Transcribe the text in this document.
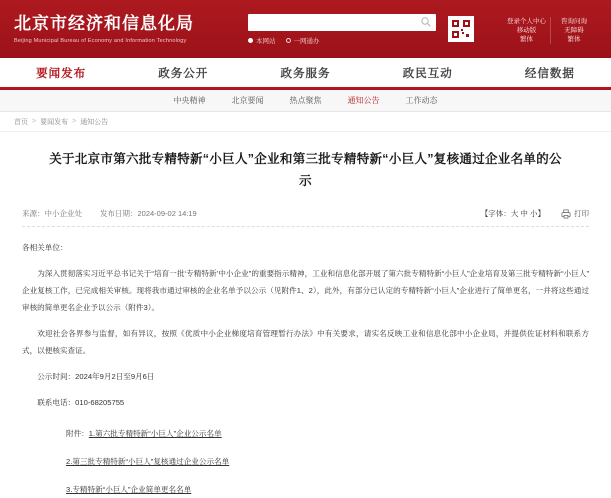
北京市经济和信息化局
Beijing Municipal Bureau of Economy and Information Technology	本网站	一网通办
登录个人中心
移动版
繁体
咨询问询
无障碍
繁体
要闻发布	政务公开	政务服务	政民互动	经信数据
中央精神	北京要闻	热点聚焦	通知公告	工作动态
首页 > 要闻发布 > 通知公告
关于北京市第六批专精特新“小巨人”企业和第三批专精特新“小巨人”复核通过企业名单的公示
来源：中小企业处 发布日期：2024-09-02 14:19	【字体：大 中 小】	打印

各相关单位：

为深入贯彻落实习近平总书记关于“培育一批‘专精特新’中小企业”的重要指示精神，工业和信息化部开展了第六批专精特新“小巨人”企业培育及第三批专精特新“小巨人”企业复核工作，已完成相关审核。现将我市通过审核的企业名单予以公示（见附件1、2），此外，有部分已认定的专精特新“小巨人”企业进行了简单更名，一并将这些通过审核的简单更名企业予以公示（附件3）。

欢迎社会各界参与监督，如有异议，按照《优质中小企业梯度培育管理暂行办法》中有关要求，请实名反映工业和信息化部中小企业局，并提供佐证材料和联系方式，以便核实查证。

公示时间：2024年9月2日至9月6日

联系电话：010-68205755

附件：1.第六批专精特新“小巨人”企业公示名单

2.第三批专精特新“小巨人”复核通过企业公示名单

3.专精特新“小巨人”企业简单更名名单
